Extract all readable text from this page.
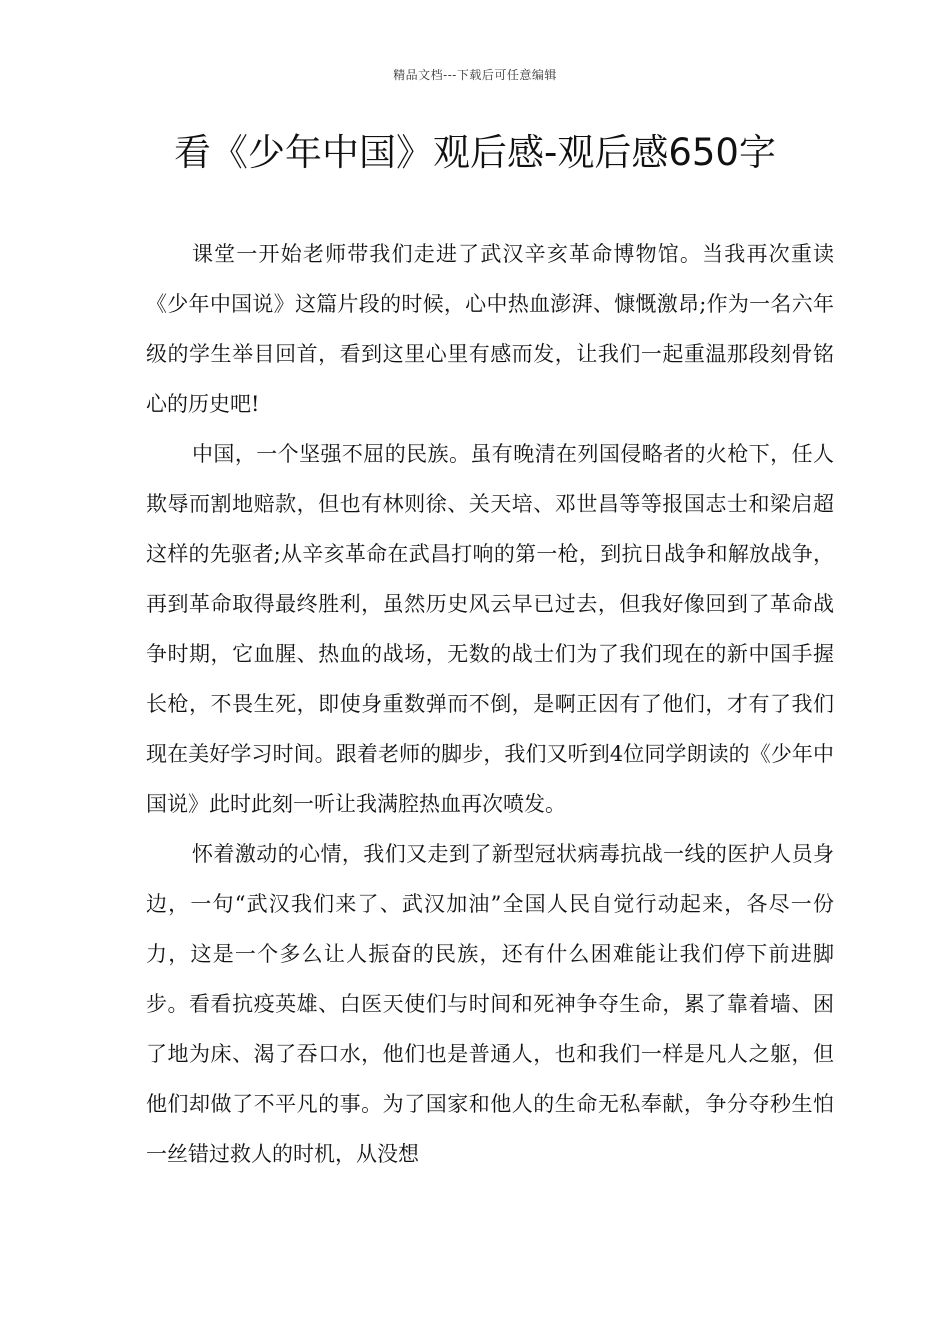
精品文档---下载后可任意编辑
看《少年中国》观后感-观后感650字

课堂一开始老师带我们走进了武汉辛亥革命博物馆。当我再次重读《少年中国说》这篇片段的时候，心中热血澎湃、慷慨激昂;作为一名六年级的学生举目回首，看到这里心里有感而发，让我们一起重温那段刻骨铭心的历史吧!

中国，一个坚强不屈的民族。虽有晚清在列国侵略者的火枪下，任人欺辱而割地赔款，但也有林则徐、关天培、邓世昌等等报国志士和梁启超这样的先驱者;从辛亥革命在武昌打响的第一枪，到抗日战争和解放战争，再到革命取得最终胜利，虽然历史风云早已过去，但我好像回到了革命战争时期，它血腥、热血的战场，无数的战士们为了我们现在的新中国手握长枪，不畏生死，即使身重数弹而不倒，是啊正因有了他们，才有了我们现在美好学习时间。跟着老师的脚步，我们又听到4位同学朗读的《少年中国说》此时此刻一听让我满腔热血再次喷发。

怀着激动的心情，我们又走到了新型冠状病毒抗战一线的医护人员身边，一句“武汉我们来了、武汉加油”全国人民自觉行动起来，各尽一份力，这是一个多么让人振奋的民族，还有什么困难能让我们停下前进脚步。看看抗疫英雄、白医天使们与时间和死神争夺生命，累了靠着墙、困了地为床、渴了吞口水，他们也是普通人，也和我们一样是凡人之躯，但他们却做了不平凡的事。为了国家和他人的生命无私奉献，争分夺秒生怕一丝错过救人的时机，从没想
